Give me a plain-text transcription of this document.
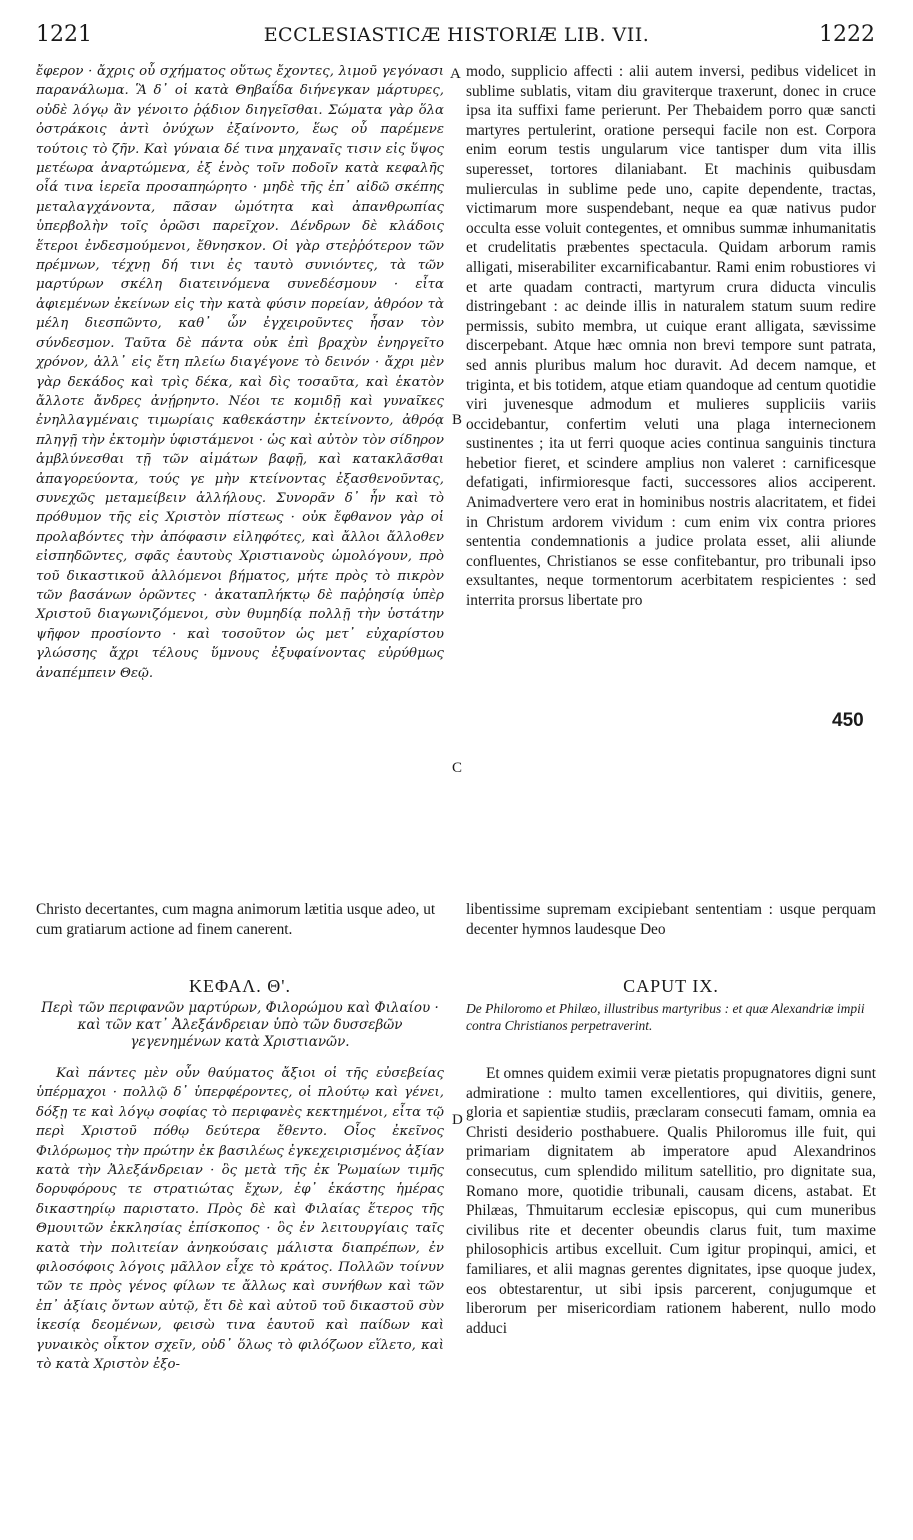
1221	ECCLESIASTICÆ HISTORIÆ LIB. VII.	1222

ἔφερον · ἄχρις οὗ σχήματος οὕτως ἔχοντες, λιμοῦ γεγόνασι παρανάλωμα. Ἃ δ᾽ οἱ κατὰ Θηβαΐδα διήνεγκαν μάρτυρες, οὐδὲ λόγῳ ἂν γένοιτο ῥᾴδιον διηγεῖσθαι. Σώματα γὰρ ὅλα ὀστράκοις ἀντὶ ὀνύχων ἐξαίνοντο, ἕως οὗ παρέμενε τούτοις τὸ ζῆν. Καὶ γύναια δέ τινα μηχαναῖς τισιν εἰς ὕψος μετέωρα ἀναρτώμενα, ἐξ ἑνὸς τοῖν ποδοῖν κατὰ κεφαλῆς οἷά τινα ἱερεῖα προσαπηώρητο · μηδὲ τῆς ἐπ᾽ αἰδῶ σκέπης μεταλαγχάνοντα, πᾶσαν ὠμότητα καὶ ἀπανθρωπίας ὑπερβολὴν τοῖς ὁρῶσι παρεῖχον. Δένδρων δὲ κλάδοις ἕτεροι ἐνδεσμούμενοι, ἔθνησκον. Οἱ γὰρ στεῤῥότερον τῶν πρέμνων, τέχνῃ δή τινι ἐς ταυτὸ συνιόντες, τὰ τῶν μαρτύρων σκέλη διατεινόμενα συνεδέσμουν · εἶτα ἀφιεμένων ἐκείνων εἰς τὴν κατὰ φύσιν πορείαν, ἀθρόον τὰ μέλη διεσπῶντο, καθ᾽ ὧν ἐγχειροῦντες ἦσαν τὸν σύνδεσμον. Ταῦτα δὲ πάντα οὐκ ἐπὶ βραχὺν ἐνηργεῖτο χρόνον, ἀλλ᾽ εἰς ἔτη πλείω διαγέγονε τὸ δεινόν · ἄχρι μὲν γὰρ δεκάδος καὶ τρὶς δέκα, καὶ δὶς τοσαῦτα, καὶ ἑκατὸν ἄλλοτε ἄνδρες ἀνῄρηντο. Νέοι τε κομιδῇ καὶ γυναῖκες ἐνηλλαγμέναις τιμωρίαις καθεκάστην ἐκτείνοντο, ἀθρόᾳ πληγῇ τὴν ἐκτομὴν ὑφιστάμενοι · ὡς καὶ αὐτὸν τὸν σίδηρον ἀμβλύνεσθαι τῇ τῶν αἱμάτων βαφῇ, καὶ κατακλᾶσθαι ἀπαγορεύοντα, τούς γε μὴν κτείνοντας ἐξασθενοῦντας, συνεχῶς μεταμείβειν ἀλλήλους. Συνορᾶν δ᾽ ἦν καὶ τὸ πρόθυμον τῆς εἰς Χριστὸν πίστεως · οὐκ ἔφθανον γὰρ οἱ προλαβόντες τὴν ἀπόφασιν εἰληφότες, καὶ ἄλλοι ἄλλοθεν εἰσπηδῶντες, σφᾶς ἑαυτοὺς Χριστιανοὺς ὡμολόγουν, πρὸ τοῦ δικαστικοῦ ἁλλόμενοι βήματος, μήτε πρὸς τὸ πικρὸν τῶν βασάνων ὁρῶντες · ἀκαταπλήκτῳ δὲ παῤῥησίᾳ ὑπὲρ Χριστοῦ διαγωνιζόμενοι, σὺν θυμηδίᾳ πολλῇ τὴν ὑστάτην ψῆφον προσίοντο · καὶ τοσοῦτον ὡς μετ᾽ εὐχαρίστου γλώσσης ἄχρι τέλους ὕμνους ἐξυφαίνοντας εὐρύθμως ἀναπέμπειν Θεῷ.

A
B
C
D

modo, supplicio affecti : alii autem inversi, pedibus videlicet in sublime sublatis, vitam diu graviterque traxerunt, donec in cruce ipsa ita suffixi fame perierunt. Per Thebaidem porro quæ sancti martyres pertulerint, oratione persequi facile non est. Corpora enim eorum testis ungularum vice tantisper dum vita illis superesset, tortores dilaniabant. Et machinis quibusdam mulierculas in sublime pede uno, capite dependente, tractas, victimarum more suspendebant, neque ea quæ nativus pudor occulta esse voluit contegentes, et omnibus summæ inhumanitatis et crudelitatis præbentes spectacula. Quidam arborum ramis alligati, miserabiliter excarnificabantur. Rami enim robustiores vi et arte quadam contracti, martyrum crura diducta vinculis distringebant : ac deinde illis in naturalem statum suum redire permissis, subito membra, ut cuique erant alligata, sævissime discerpebant. Atque hæc omnia non brevi tempore sunt patrata, sed annis pluribus malum hoc duravit. Ad decem namque, et triginta, et bis totidem, atque etiam quandoque ad centum quotidie viri juvenesque admodum et mulieres suppliciis variis occidebantur, confertim veluti una plaga internecionem sustinentes ; ita ut ferri quoque acies continua sanguinis tinctura hebetior fieret, et scindere amplius non valeret : carnificesque defatigati, infirmioresque facti, successores alios acciperent. Animadvertere vero erat in hominibus nostris alacritatem, et fidei in Christum ardorem vividum : cum enim vix contra priores sententia condemnationis a judice prolata esset, alii aliunde confluentes, Christianos se esse confitebantur, pro tribunali ipso exsultantes, neque tormentorum acerbitatem respicientes : sed interrita prorsus libertate pro

450

Christo decertantes, cum magna animorum lætitia usque adeo, ut cum gratiarum actione ad finem canerent.

libentissime supremam excipiebant sententiam : usque perquam decenter hymnos laudesque Deo

ΚΕΦΑΛ. Θ'.	CAPUT IX.
Περὶ τῶν περιφανῶν μαρτύρων, Φιλορώμου καὶ Φιλαίου · καὶ τῶν κατ᾽ Ἀλεξάνδρειαν ὑπὸ τῶν δυσσεβῶν γεγενημένων κατὰ Χριστιανῶν.
De Philoromo et Philæo, illustribus martyribus : et quæ Alexandriæ impii contra Christianos perpetraverint.

Καὶ πάντες μὲν οὖν θαύματος ἄξιοι οἱ τῆς εὐσεβείας ὑπέρμαχοι · πολλῷ δ᾽ ὑπερφέροντες, οἱ πλούτῳ καὶ γένει, δόξῃ τε καὶ λόγῳ σοφίας τὸ περιφανὲς κεκτημένοι, εἶτα τῷ περὶ Χριστοῦ πόθῳ δεύτερα ἔθεντο. Οἷος ἐκεῖνος Φιλόρωμος τὴν πρώτην ἐκ βασιλέως ἐγκεχειρισμένος ἀξίαν κατὰ τὴν Ἀλεξάνδρειαν · ὃς μετὰ τῆς ἐκ Ῥωμαίων τιμῆς δορυφόρους τε στρατιώτας ἔχων, ἐφ᾽ ἑκάστης ἡμέρας δικαστηρίῳ παριστατο. Πρὸς δὲ καὶ Φιλαίας ἕτερος τῆς Θμουιτῶν ἐκκλησίας ἐπίσκοπος · ὃς ἐν λειτουργίαις ταῖς κατὰ τὴν πολιτείαν ἀνηκούσαις μάλιστα διαπρέπων, ἐν φιλοσόφοις λόγοις μᾶλλον εἶχε τὸ κράτος. Πολλῶν τοίνυν τῶν τε πρὸς γένος φίλων τε ἄλλως καὶ συνήθων καὶ τῶν ἐπ᾽ ἀξίαις ὄντων αὐτῷ, ἔτι δὲ καὶ αὐτοῦ τοῦ δικαστοῦ σὺν ἱκεσίᾳ δεομένων, φεισὼ τινα ἑαυτοῦ καὶ παίδων καὶ γυναικὸς οἶκτον σχεῖν, οὐδ᾽ ὅλως τὸ φιλόζωον εἵλετο, καὶ τὸ κατὰ Χριστὸν ἐξο-

Et omnes quidem eximii veræ pietatis propugnatores digni sunt admiratione : multo tamen excellentiores, qui divitiis, genere, gloria et sapientiæ studiis, præclaram consecuti famam, omnia ea Christi desiderio posthabuere. Qualis Philoromus ille fuit, qui primariam dignitatem ab imperatore apud Alexandrinos consecutus, cum splendido militum satellitio, pro dignitate sua, Romano more, quotidie tribunali, causam dicens, astabat. Et Philæas, Thmuitarum ecclesiæ episcopus, qui cum muneribus civilibus rite et decenter obeundis clarus fuit, tum maxime philosophicis artibus excelluit. Cum igitur propinqui, amici, et familiares, et alii magnas gerentes dignitates, ipse quoque judex, eos obtestarentur, ut sibi ipsis parcerent, conjugumque et liberorum per misericordiam rationem haberent, nullo modo adduci
